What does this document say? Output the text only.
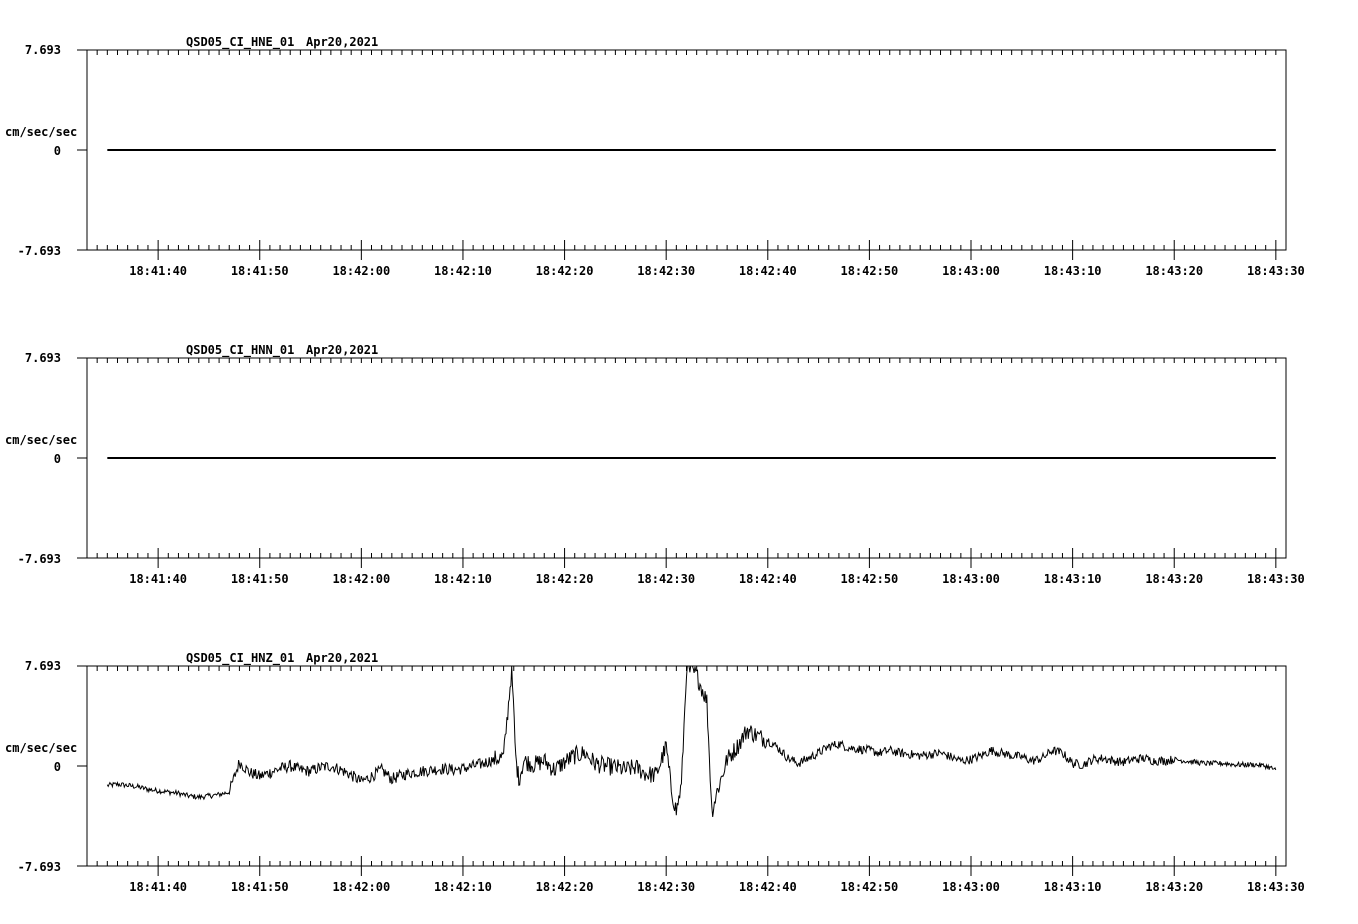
QSD05_CI_HNE_01 Apr20,2021
7.693
0
-7.693
cm/sec/sec
18:41:40	18:41:50	18:42:00	18:42:10	18:42:20	18:42:30	18:42:40	18:42:50	18:43:00	18:43:10	18:43:20	18:43:30
QSD05_CI_HNN_01 Apr20,2021
7.693
0
-7.693
cm/sec/sec
18:41:40	18:41:50	18:42:00	18:42:10	18:42:20	18:42:30	18:42:40	18:42:50	18:43:00	18:43:10	18:43:20	18:43:30
QSD05_CI_HNZ_01 Apr20,2021
7.693
0
-7.693
cm/sec/sec
18:41:40	18:41:50	18:42:00	18:42:10	18:42:20	18:42:30	18:42:40	18:42:50	18:43:00	18:43:10	18:43:20	18:43:30
